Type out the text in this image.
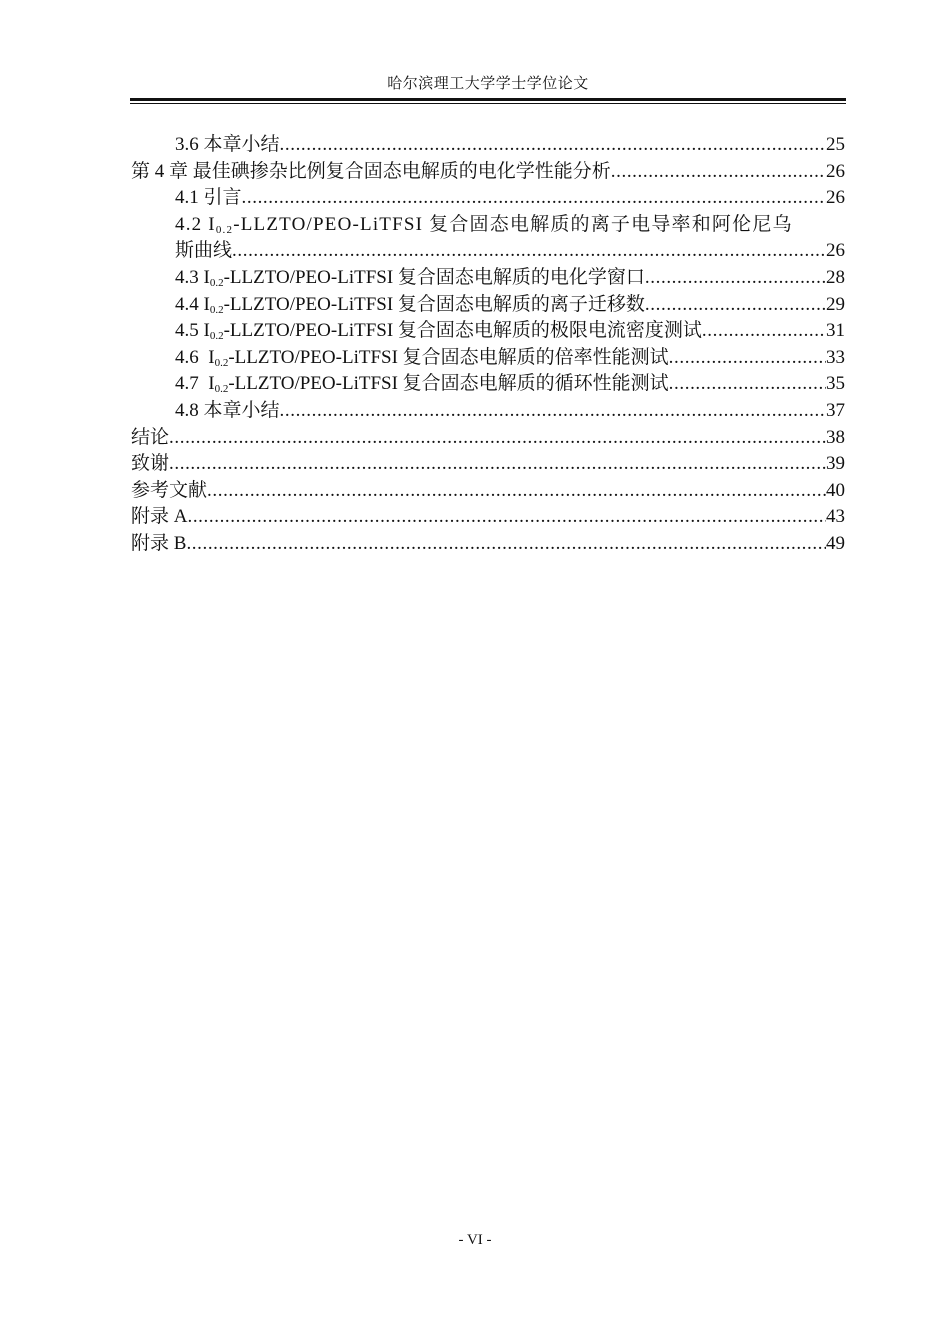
哈尔滨理工大学学士学位论文
3.6 本章小结 .....	25
第 4 章 最佳碘掺杂比例复合固态电解质的电化学性能分析 .....	26
4.1 引言 .....	26
4.2 $I_{0.2}-LLZTO/PEO$-LiTFSI 复合固态电解质的离子电导率和阿伦尼乌
斯曲线 .....	26
4.3 $I_{0.2}-LLZTO/PEO$-LiTFSI 复合固态电解质的电化学窗口 .....	28
4.4 $I_{0.2}-LLZTO/PEO$-LiTFSI 复合固态电解质的离子迁移数 .....	29
4.5 $I_{0.2}-LLZTO/PEO$-LiTFSI 复合固态电解质的极限电流密度测试 .....	31
4.6  $I_{0.2}-LLZTO/PEO$-LiTFSI 复合固态电解质的倍率性能测试 .....	33
4.7  $I_{0.2}-LLZTO/PEO$-LiTFSI 复合固态电解质的循环性能测试 .....	35
4.8 本章小结 .....	37
结论 .....	38
致谢 .....	39
参考文献 .....	40
附录 A .....	43
附录 B .....	49
- VI -
